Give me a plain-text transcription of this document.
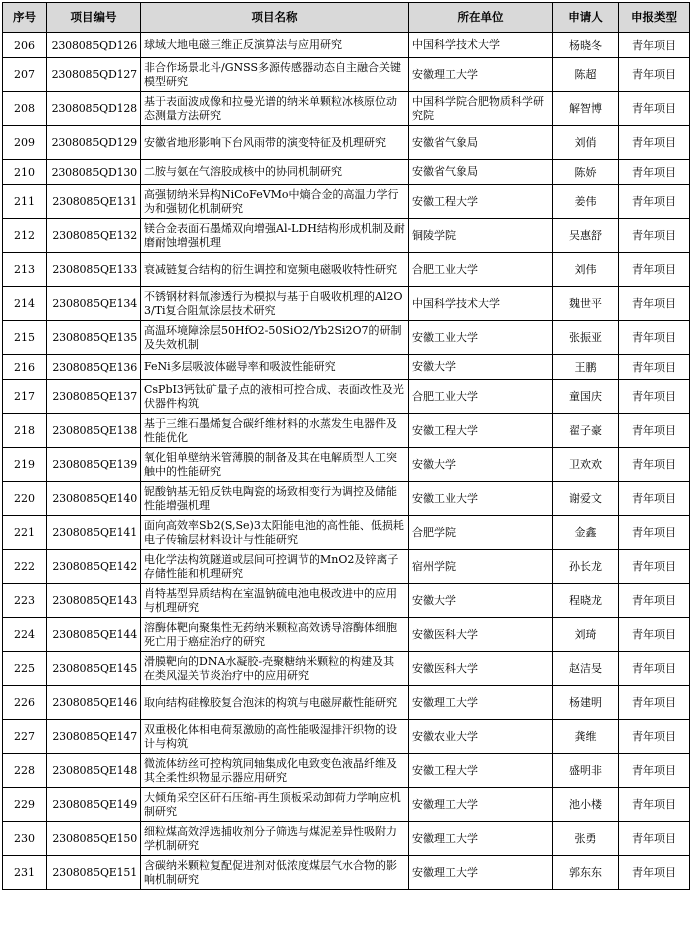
序号	项目编号	项目名称	所在单位	申请人	申报类型
206	2308085QD126	球域大地电磁三维正反演算法与应用研究	中国科学技术大学	杨晓冬	青年项目
207	2308085QD127	非合作场景北斗/GNSS多源传感器动态自主融合关键模型研究	安徽理工大学	陈超	青年项目
208	2308085QD128	基于表面波成像和拉曼光谱的纳米单颗粒冰核原位动态测量方法研究	中国科学院合肥物质科学研究院	解智博	青年项目
209	2308085QD129	安徽省地形影响下台风雨带的演变特征及机理研究	安徽省气象局	刘俏	青年项目
210	2308085QD130	二胺与氨在气溶胶成核中的协同机制研究	安徽省气象局	陈娇	青年项目
211	2308085QE131	高强韧纳米异构NiCoFeVMo中熵合金的高温力学行为和强韧化机制研究	安徽工程大学	姜伟	青年项目
212	2308085QE132	镁合金表面石墨烯双向增强Al-LDH结构形成机制及耐磨耐蚀增强机理	铜陵学院	吴惠舒	青年项目
213	2308085QE133	衰减链复合结构的衍生调控和宽频电磁吸收特性研究	合肥工业大学	刘伟	青年项目
214	2308085QE134	不锈钢材料氚渗透行为模拟与基于自吸收机理的Al2O3/Ti复合阻氚涂层技术研究	中国科学技术大学	魏世平	青年项目
215	2308085QE135	高温环境障涂层50HfO2-50SiO2/Yb2Si2O7的研制及失效机制	安徽工业大学	张振亚	青年项目
216	2308085QE136	FeNi多层吸波体磁导率和吸波性能研究	安徽大学	王鹏	青年项目
217	2308085QE137	CsPbI3钙钛矿量子点的液相可控合成、表面改性及光伏器件构筑	合肥工业大学	童国庆	青年项目
218	2308085QE138	基于三维石墨烯复合碳纤维材料的水蒸发生电器件及性能优化	安徽工程大学	翟子豪	青年项目
219	2308085QE139	氧化钼单壁纳米管薄膜的制备及其在电解质型人工突触中的性能研究	安徽大学	卫欢欢	青年项目
220	2308085QE140	铌酸钠基无铅反铁电陶瓷的场致相变行为调控及储能性能增强机理	安徽工业大学	谢爱文	青年项目
221	2308085QE141	面向高效率Sb2(S,Se)3太阳能电池的高性能、低损耗电子传输层材料设计与性能研究	合肥学院	金鑫	青年项目
222	2308085QE142	电化学法构筑隧道或层间可控调节的MnO2及锌离子存储性能和机理研究	宿州学院	孙长龙	青年项目
223	2308085QE143	肖特基型异质结构在室温钠硫电池电极改进中的应用与机理研究	安徽大学	程晓龙	青年项目
224	2308085QE144	溶酶体靶向聚集性无药纳米颗粒高效诱导溶酶体细胞死亡用于癌症治疗的研究	安徽医科大学	刘琦	青年项目
225	2308085QE145	滑膜靶向的DNA水凝胶-壳聚糖纳米颗粒的构建及其在类风湿关节炎治疗中的应用研究	安徽医科大学	赵洁旻	青年项目
226	2308085QE146	取向结构硅橡胶复合泡沫的构筑与电磁屏蔽性能研究	安徽理工大学	杨建明	青年项目
227	2308085QE147	双重极化体相电荷泵激励的高性能吸湿排汗织物的设计与构筑	安徽农业大学	龚维	青年项目
228	2308085QE148	微流体纺丝可控构筑同轴集成化电致变色液晶纤维及其全柔性织物显示器应用研究	安徽工程大学	盛明非	青年项目
229	2308085QE149	大倾角采空区矸石压缩-再生顶板采动卸荷力学响应机制研究	安徽理工大学	池小楼	青年项目
230	2308085QE150	细粒煤高效浮选捕收剂分子筛选与煤泥差异性吸附力学机制研究	安徽理工大学	张勇	青年项目
231	2308085QE151	含碳纳米颗粒复配促进剂对低浓度煤层气水合物的影响机制研究	安徽理工大学	郭东东	青年项目
